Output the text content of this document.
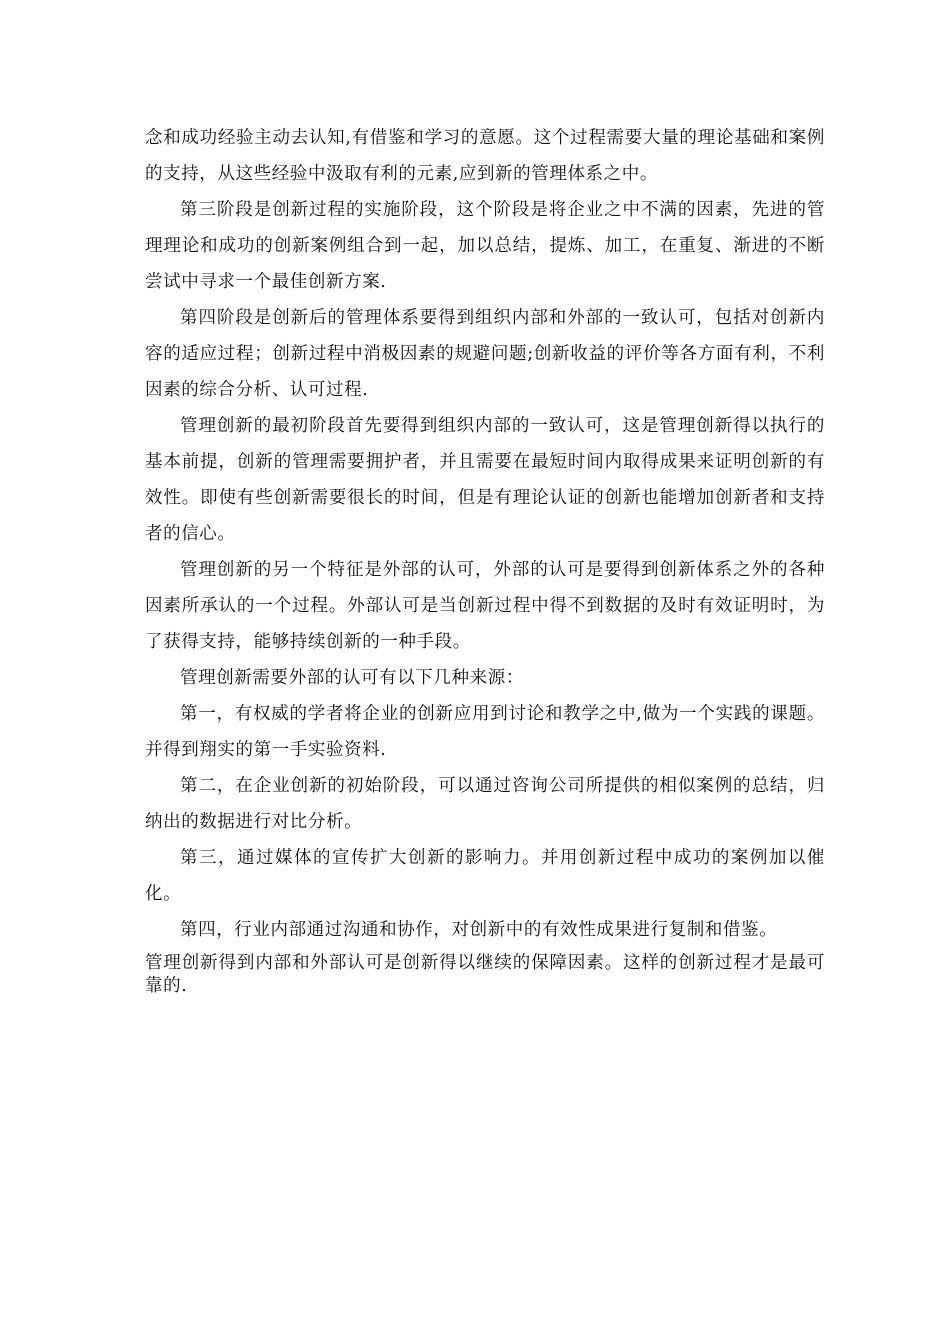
念和成功经验主动去认知,有借鉴和学习的意愿。这个过程需要大量的理论基础和案例的支持，从这些经验中汲取有利的元素,应到新的管理体系之中。

第三阶段是创新过程的实施阶段，这个阶段是将企业之中不满的因素，先进的管理理论和成功的创新案例组合到一起，加以总结，提炼、加工，在重复、渐进的不断尝试中寻求一个最佳创新方案.

第四阶段是创新后的管理体系要得到组织内部和外部的一致认可，包括对创新内容的适应过程；创新过程中消极因素的规避问题;创新收益的评价等各方面有利，不利因素的综合分析、认可过程.

管理创新的最初阶段首先要得到组织内部的一致认可，这是管理创新得以执行的基本前提，创新的管理需要拥护者，并且需要在最短时间内取得成果来证明创新的有效性。即使有些创新需要很长的时间，但是有理论认证的创新也能增加创新者和支持者的信心。

管理创新的另一个特征是外部的认可，外部的认可是要得到创新体系之外的各种因素所承认的一个过程。外部认可是当创新过程中得不到数据的及时有效证明时，为了获得支持，能够持续创新的一种手段。

管理创新需要外部的认可有以下几种来源：

第一，有权威的学者将企业的创新应用到讨论和教学之中,做为一个实践的课题。并得到翔实的第一手实验资料.

第二，在企业创新的初始阶段，可以通过咨询公司所提供的相似案例的总结，归纳出的数据进行对比分析。

第三，通过媒体的宣传扩大创新的影响力。并用创新过程中成功的案例加以催化。

第四，行业内部通过沟通和协作，对创新中的有效性成果进行复制和借鉴。

管理创新得到内部和外部认可是创新得以继续的保障因素。这样的创新过程才是最可靠的.
